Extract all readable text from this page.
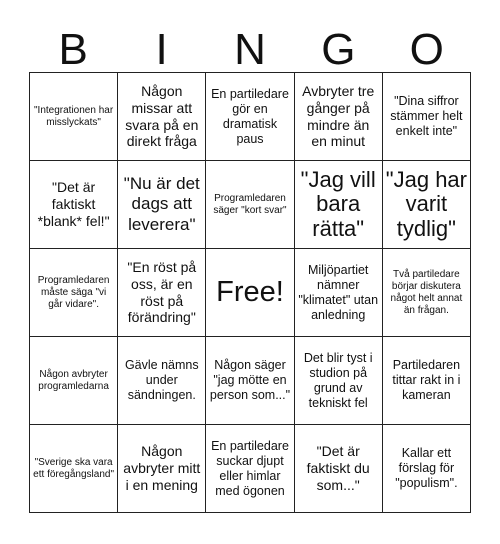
B	I	N	G	O
"Integrationen har misslyckats"
Någon missar att svara på en direkt fråga
En partiledare gör en dramatisk paus
Avbryter tre gånger på mindre än en minut
"Dina siffror stämmer helt enkelt inte"
"Det är faktiskt *blank* fel!"
"Nu är det dags att leverera"
Programledaren säger "kort svar"
"Jag vill bara rätta"
"Jag har varit tydlig"
Programledaren måste säga "vi går vidare".
"En röst på oss, är en röst på förändring"
Free!
Miljöpartiet nämner "klimatet" utan anledning
Två partiledare börjar diskutera något helt annat än frågan.
Någon avbryter programledarna
Gävle nämns under sändningen.
Någon säger "jag mötte en person som..."
Det blir tyst i studion på grund av tekniskt fel
Partiledaren tittar rakt in i kameran
"Sverige ska vara ett föregångsland"
Någon avbryter mitt i en mening
En partiledare suckar djupt eller himlar med ögonen
"Det är faktiskt du som..."
Kallar ett förslag för "populism".
